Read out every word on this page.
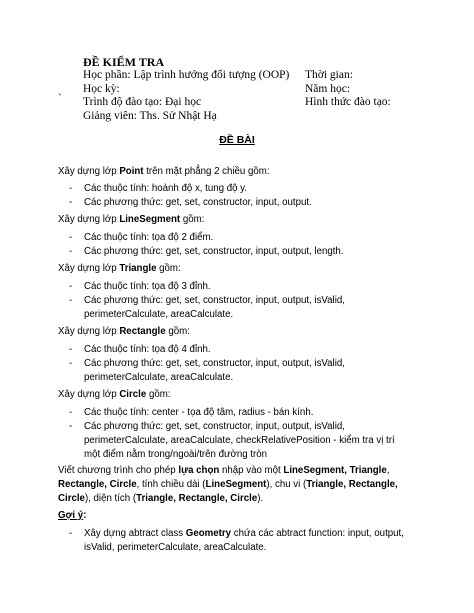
ĐỀ KIỂM TRA
Học phần: Lập trình hướng đối tượng (OOP)
Học kỳ:
` Trình độ đào tạo: Đại học
Giảng viên: Ths. Sử Nhật Hạ
Thời gian:
Năm học:
Hình thức đào tạo:
ĐỀ BÀI
Xây dựng lớp Point trên mặt phẳng 2 chiều gồm:
- Các thuộc tính: hoành độ x, tung độ y.
- Các phương thức: get, set, constructor, input, output.
Xây dựng lớp LineSegment gồm:
- Các thuộc tính: tọa độ 2 điểm.
- Các phương thức: get, set, constructor, input, output, length.
Xây dựng lớp Triangle gồm:
- Các thuộc tính: tọa độ 3 đỉnh.
- Các phương thức: get, set, constructor, input, output, isValid,
perimeterCalculate, areaCalculate.
Xây dựng lớp Rectangle gồm:
- Các thuộc tính: tọa độ 4 đỉnh.
- Các phương thức: get, set, constructor, input, output, isValid,
perimeterCalculate, areaCalculate.
Xây dựng lớp Circle gồm:
- Các thuộc tính: center - tọa độ tâm, radius - bán kính.
- Các phương thức: get, set, constructor, input, output, isValid,
perimeterCalculate, areaCalculate, checkRelativePosition - kiểm tra vị trí
một điểm nằm trong/ngoài/trên đường tròn
Viết chương trình cho phép lựa chọn nhập vào một LineSegment, Triangle,
Rectangle, Circle, tính chiều dài (LineSegment), chu vi (Triangle, Rectangle,
Circle), diện tích (Triangle, Rectangle, Circle).
Gợi ý:
- Xây dựng abtract class Geometry chứa các abtract function: input, output,
isValid, perimeterCalculate, areaCalculate.
